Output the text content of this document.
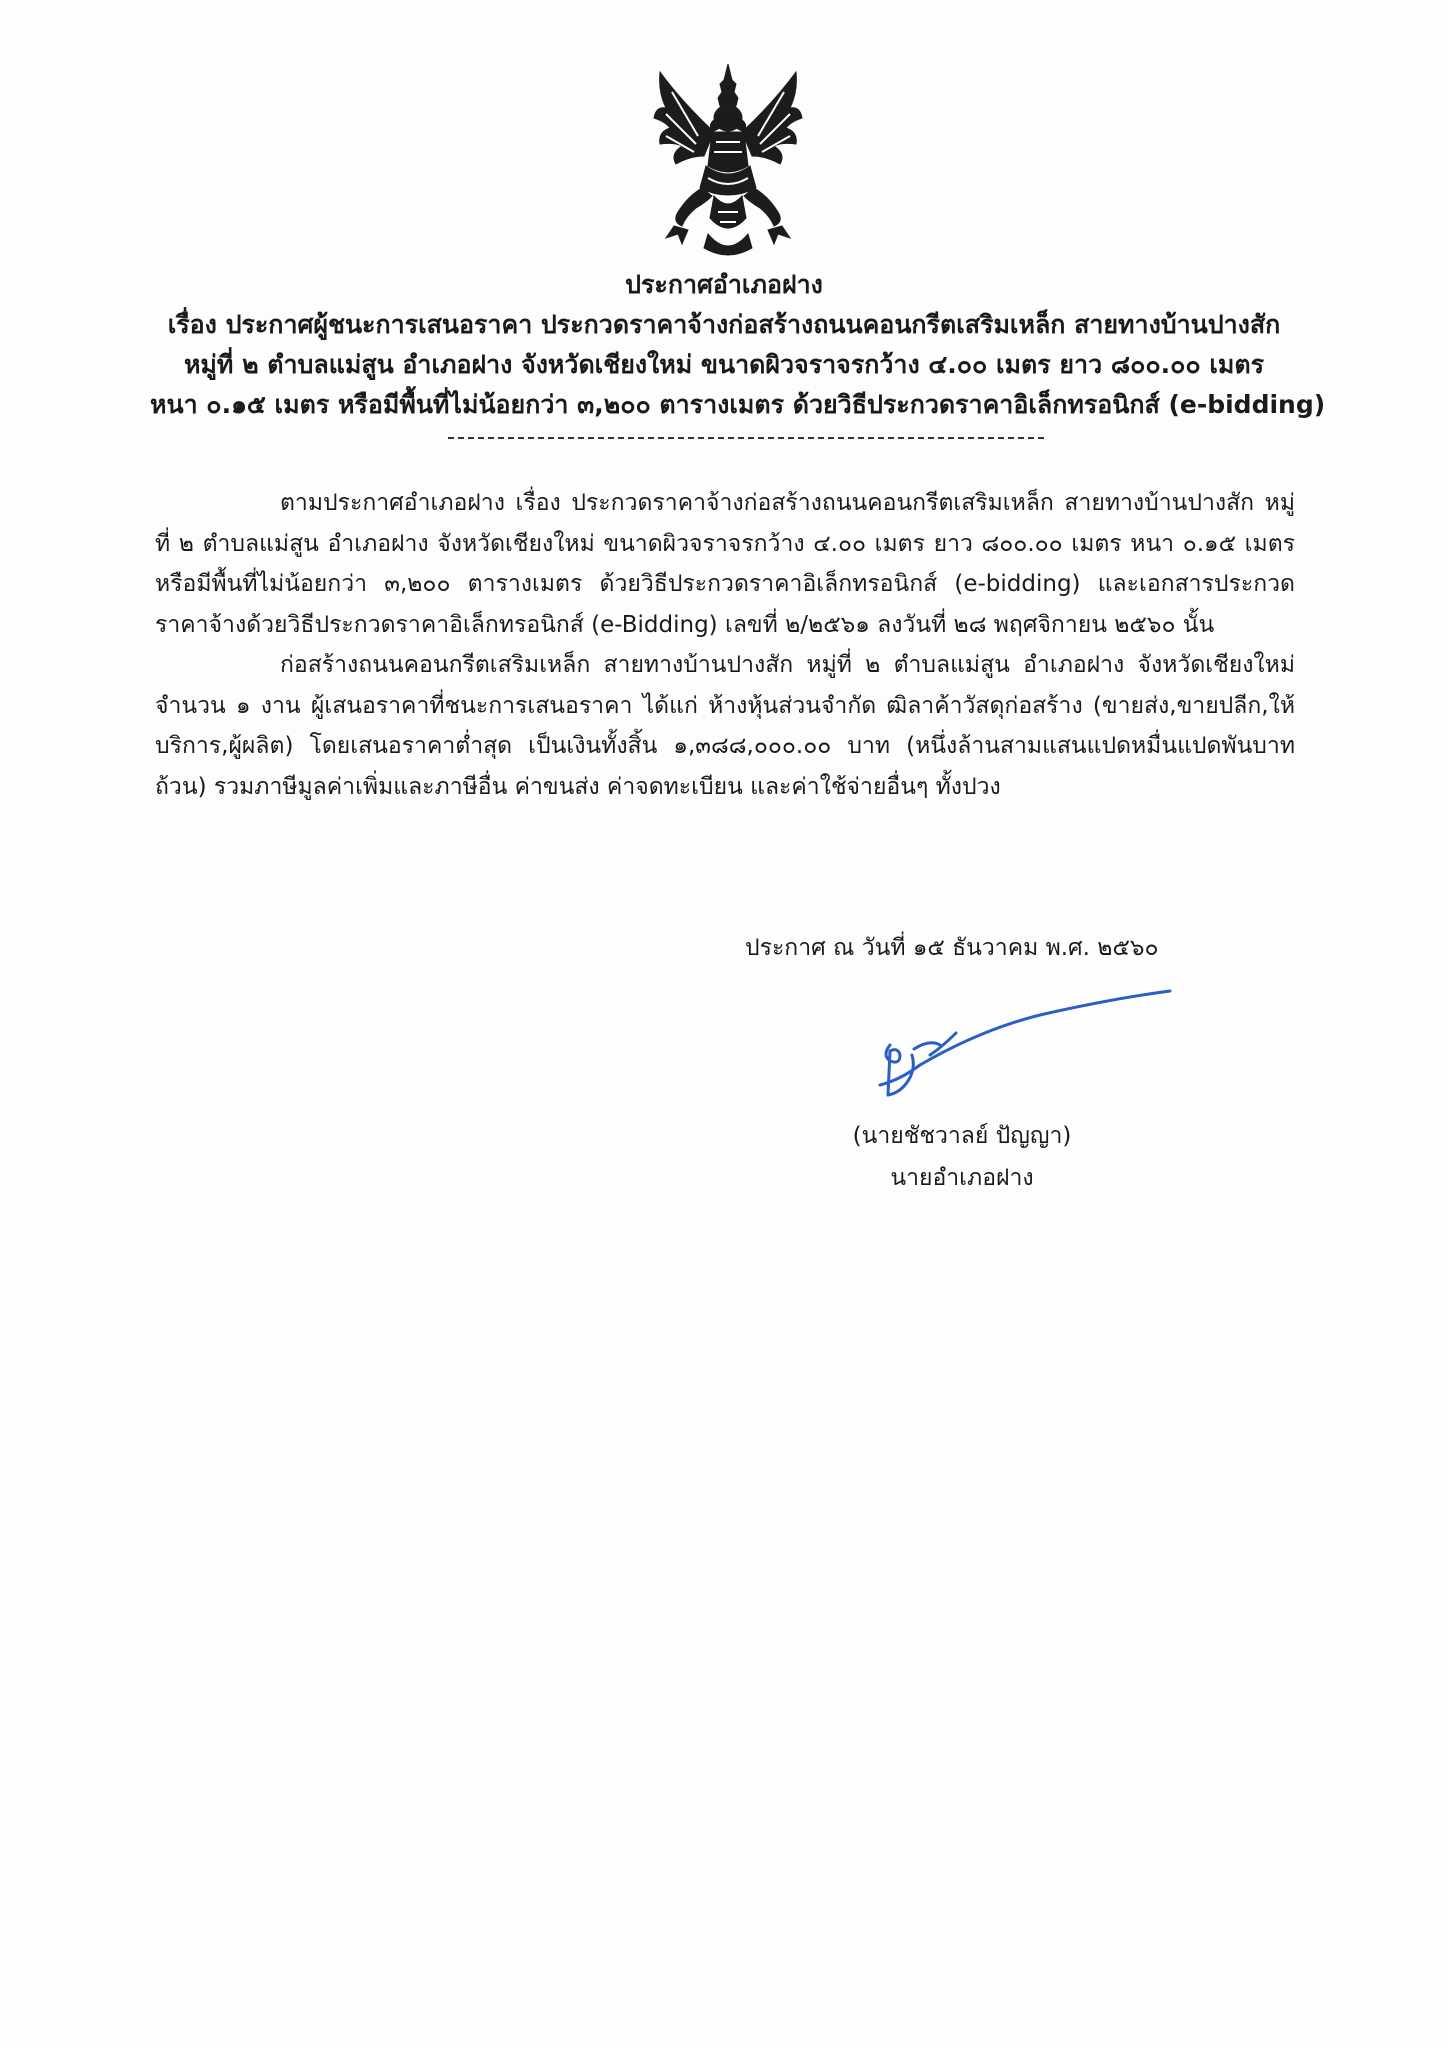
ประกาศอำเภอฝาง
เรื่อง ประกาศผู้ชนะการเสนอราคา ประกวดราคาจ้างก่อสร้างถนนคอนกรีตเสริมเหล็ก สายทางบ้านปางสัก
หมู่ที่ ๒ ตำบลแม่สูน อำเภอฝาง จังหวัดเชียงใหม่ ขนาดผิวจราจรกว้าง ๔.๐๐ เมตร ยาว ๘๐๐.๐๐ เมตร
หนา ๐.๑๕ เมตร หรือมีพื้นที่ไม่น้อยกว่า ๓,๒๐๐ ตารางเมตร ด้วยวิธีประกวดราคาอิเล็กทรอนิกส์ (e-bidding)

ตามประกาศอำเภอฝาง เรื่อง ประกวดราคาจ้างก่อสร้างถนนคอนกรีตเสริมเหล็ก สายทางบ้านปางสัก หมู่ที่ ๒ ตำบลแม่สูน อำเภอฝาง จังหวัดเชียงใหม่ ขนาดผิวจราจรกว้าง ๔.๐๐ เมตร ยาว ๘๐๐.๐๐ เมตร หนา ๐.๑๕ เมตร หรือมีพื้นที่ไม่น้อยกว่า ๓,๒๐๐ ตารางเมตร ด้วยวิธีประกวดราคาอิเล็กทรอนิกส์ (e-bidding) และเอกสารประกวดราคาจ้างด้วยวิธีประกวดราคาอิเล็กทรอนิกส์ (e-Bidding) เลขที่ ๒/๒๕๖๑ ลงวันที่ ๒๘ พฤศจิกายน ๒๕๖๐ นั้น

ก่อสร้างถนนคอนกรีตเสริมเหล็ก สายทางบ้านปางสัก หมู่ที่ ๒ ตำบลแม่สูน อำเภอฝาง จังหวัดเชียงใหม่ จำนวน ๑ งาน ผู้เสนอราคาที่ชนะการเสนอราคา ได้แก่ ห้างหุ้นส่วนจำกัด ฒิลาค้าวัสดุก่อสร้าง (ขายส่ง,ขายปลีก,ให้บริการ,ผู้ผลิต) โดยเสนอราคาต่ำสุด เป็นเงินทั้งสิ้น ๑,๓๘๘,๐๐๐.๐๐ บาท (หนึ่งล้านสามแสนแปดหมื่นแปดพันบาทถ้วน) รวมภาษีมูลค่าเพิ่มและภาษีอื่น ค่าขนส่ง ค่าจดทะเบียน และค่าใช้จ่ายอื่นๆ ทั้งปวง

ประกาศ ณ วันที่ ๑๕ ธันวาคม พ.ศ. ๒๕๖๐
(นายชัชวาลย์ ปัญญา)
นายอำเภอฝาง
